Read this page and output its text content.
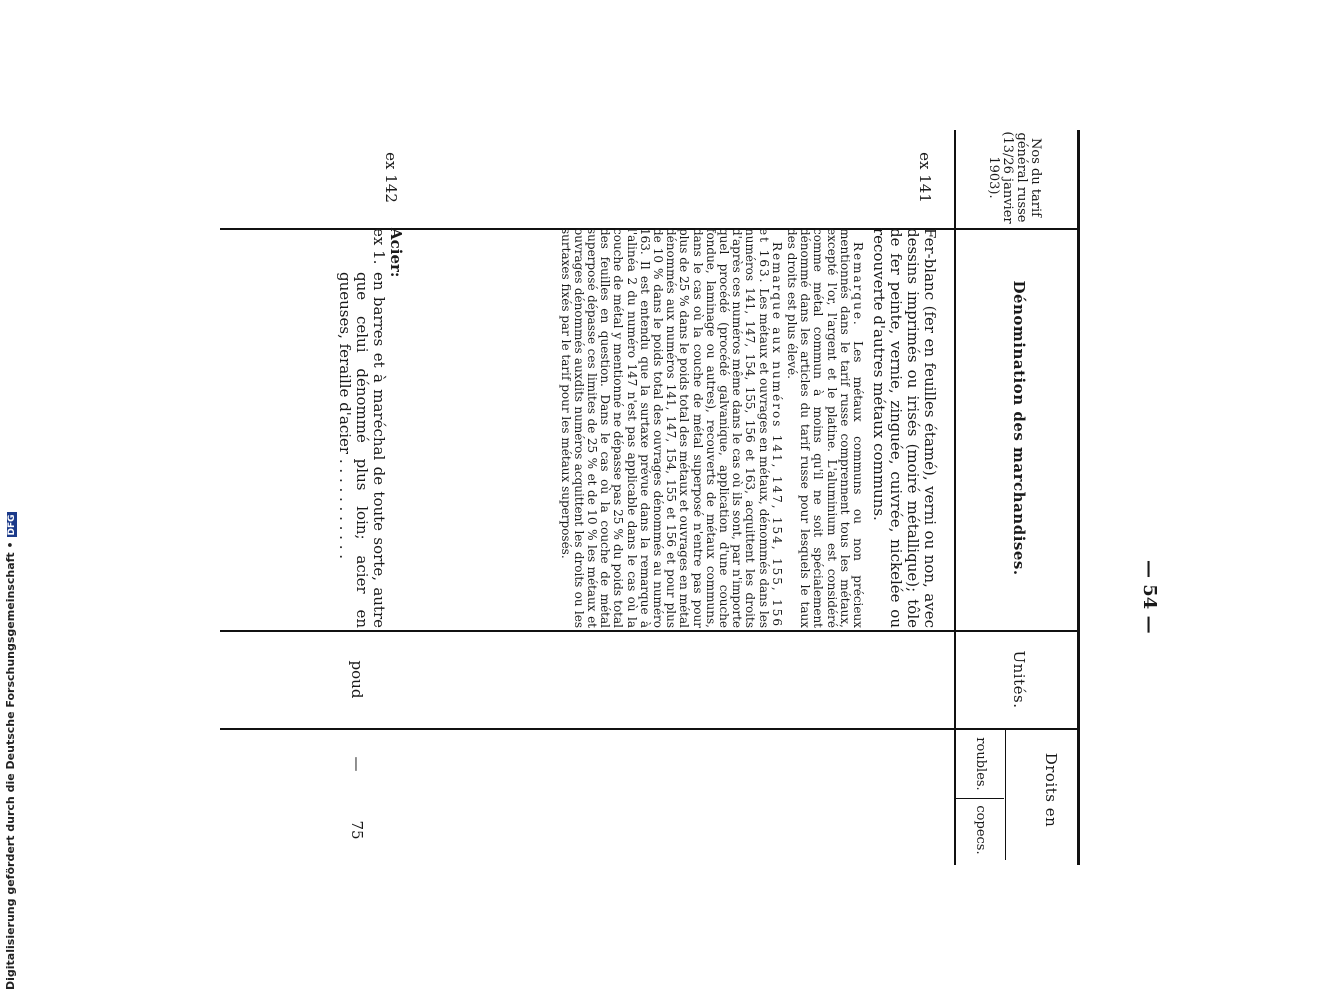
— 54 —
Nos du tarif général russe (13/26 janvier 1903).
Dénomination des marchandises.
Unités.
Droits en
roubles.
copecs.
ex 141
Fer-blanc (fer en feuilles étamé), verni ou non, avec dessins imprimés ou irisés (moiré métallique); tôle de fer peinte, vernie, zinguée, cuivrée, nickelée ou recouverte d'autres métaux communs.
Remarque. Les métaux communs ou non précieux mentionnés dans le tarif russe comprennent tous les métaux, excepté l'or, l'argent et le platine. L'aluminium est considéré comme métal commun à moins qu'il ne soit spécialement dénommé dans les articles du tarif russe pour lesquels le taux des droits est plus élevé.
Remarque aux numéros 141, 147, 154, 155, 156 et 163. Les métaux et ouvrages en métaux, dénommés dans les numéros 141, 147, 154, 155, 156 et 163, acquittent les droits d'après ces numéros même dans le cas où ils sont, par n'importe quel procédé (procédé galvanique, application d'une couche fondue, laminage ou autres), recouverts de métaux communs, dans le cas où la couche de métal superposé n'entre pas pour plus de 25 % dans le poids total des métaux et ouvrages en métal dénommés aux numéros 141, 147, 154, 155 et 156 et pour plus de 10 % dans le poids total des ouvrages dénommés au numéro 163. Il est entendu que la surtaxe prévue dans la remarque à l'alinéa 2 du numéro 147 n'est pas applicable dans le cas où la couche de métal y mentionné ne dépasse pas 25 % du poids total des feuilles en question. Dans le cas où la couche de métal superposé dépasse ces limites de 25 % et de 10 % les métaux et ouvrages dénommés auxdits numéros acquittent les droits ou les surtaxes fixés par le tarif pour les métaux superposés.
ex 142
Acier:
ex 1.
en barres et à maréchal de toute sorte, autre que celui dénommé plus loin; acier en gueuses, feraille d'acier . . . . . . . . . . .
poud
—
75
Digitalisierung gefördert durch die Deutsche Forschungsgemeinschaft •DFG
